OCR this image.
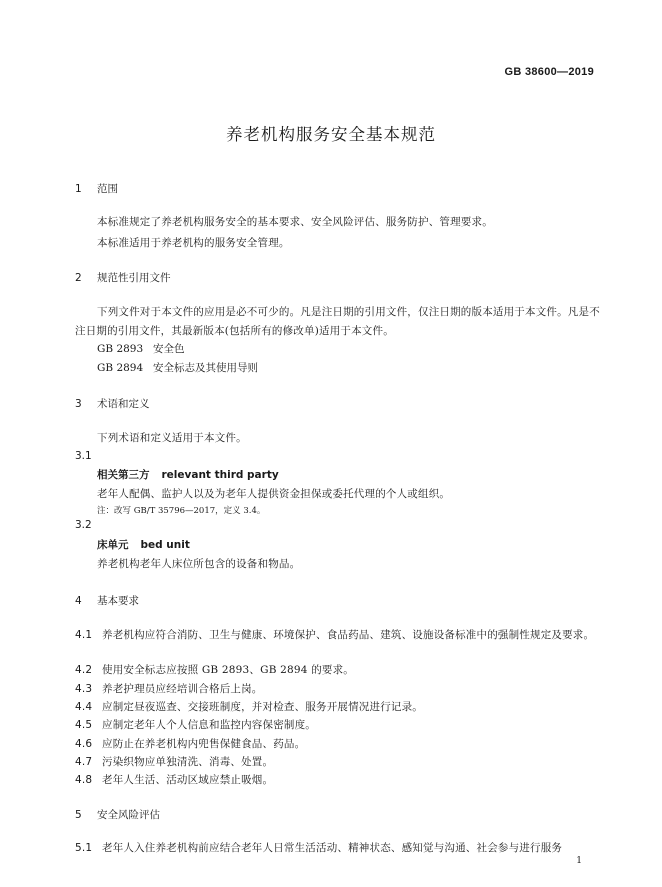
GB 38600—2019
养老机构服务安全基本规范
1 范围
本标准规定了养老机构服务安全的基本要求、安全风险评估、服务防护、管理要求。
本标准适用于养老机构的服务安全管理。
2 规范性引用文件
下列文件对于本文件的应用是必不可少的。凡是注日期的引用文件，仅注日期的版本适用于本文件。凡是不注日期的引用文件，其最新版本(包括所有的修改单)适用于本文件。
GB 2893 安全色
GB 2894 安全标志及其使用导则
3 术语和定义
下列术语和定义适用于本文件。
3.1
相关第三方 relevant third party
老年人配偶、监护人以及为老年人提供资金担保或委托代理的个人或组织。
注：改写 GB/T 35796—2017，定义 3.4。
3.2
床单元 bed unit
养老机构老年人床位所包含的设备和物品。
4 基本要求
4.1 养老机构应符合消防、卫生与健康、环境保护、食品药品、建筑、设施设备标准中的强制性规定及要求。
4.2 使用安全标志应按照 GB 2893、GB 2894 的要求。
4.3 养老护理员应经培训合格后上岗。
4.4 应制定昼夜巡查、交接班制度，并对检查、服务开展情况进行记录。
4.5 应制定老年人个人信息和监控内容保密制度。
4.6 应防止在养老机构内兜售保健食品、药品。
4.7 污染织物应单独清洗、消毒、处置。
4.8 老年人生活、活动区域应禁止吸烟。
5 安全风险评估
5.1 老年人入住养老机构前应结合老年人日常生活活动、精神状态、感知觉与沟通、社会参与进行服务
1
